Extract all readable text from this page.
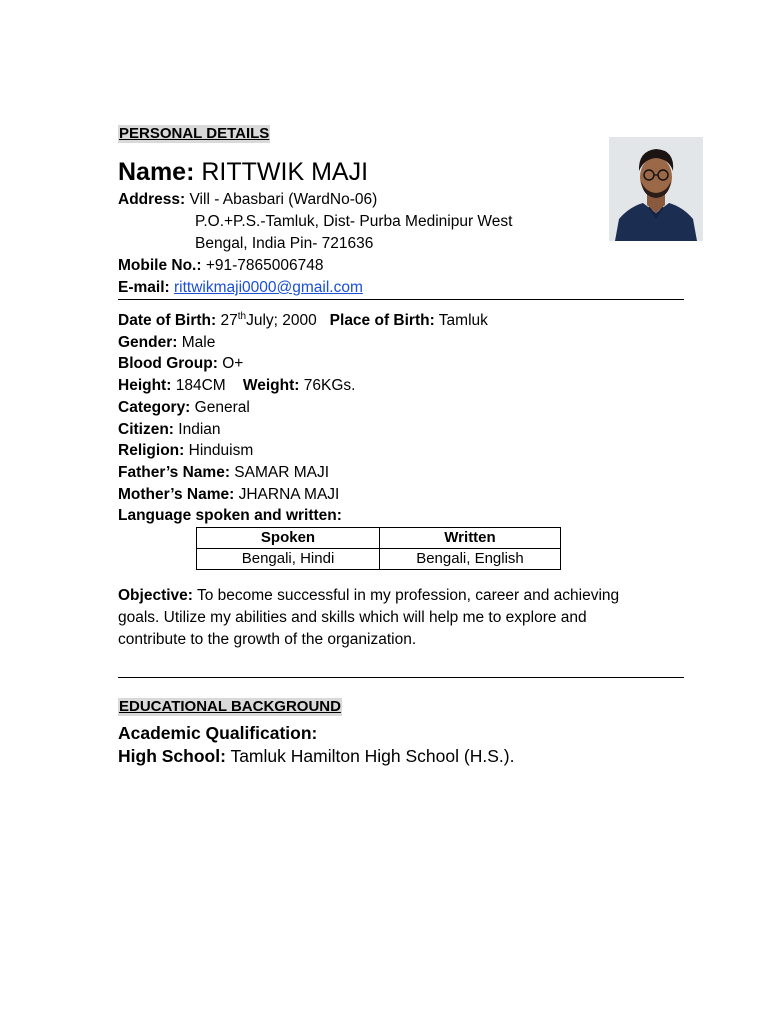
PERSONAL DETAILS
Name: RITTWIK MAJI
Address: Vill - Abasbari (WardNo-06)
P.O.+P.S.-Tamluk, Dist- Purba Medinipur West
Bengal, India Pin- 721636
Mobile No.: +91-7865006748
E-mail: rittwikmaji0000@gmail.com
Date of Birth: 27thJuly; 2000 Place of Birth: Tamluk
Gender: Male
Blood Group: O+
Height: 184CM Weight: 76KGs.
Category: General
Citizen: Indian
Religion: Hinduism
Father’s Name: SAMAR MAJI
Mother’s Name: JHARNA MAJI
Language spoken and written:
Spoken	Written
Bengali, Hindi	Bengali, English
Objective: To become successful in my profession, career and achieving goals. Utilize my abilities and skills which will help me to explore and contribute to the growth of the organization.
EDUCATIONAL BACKGROUND
Academic Qualification:
High School: Tamluk Hamilton High School (H.S.).
